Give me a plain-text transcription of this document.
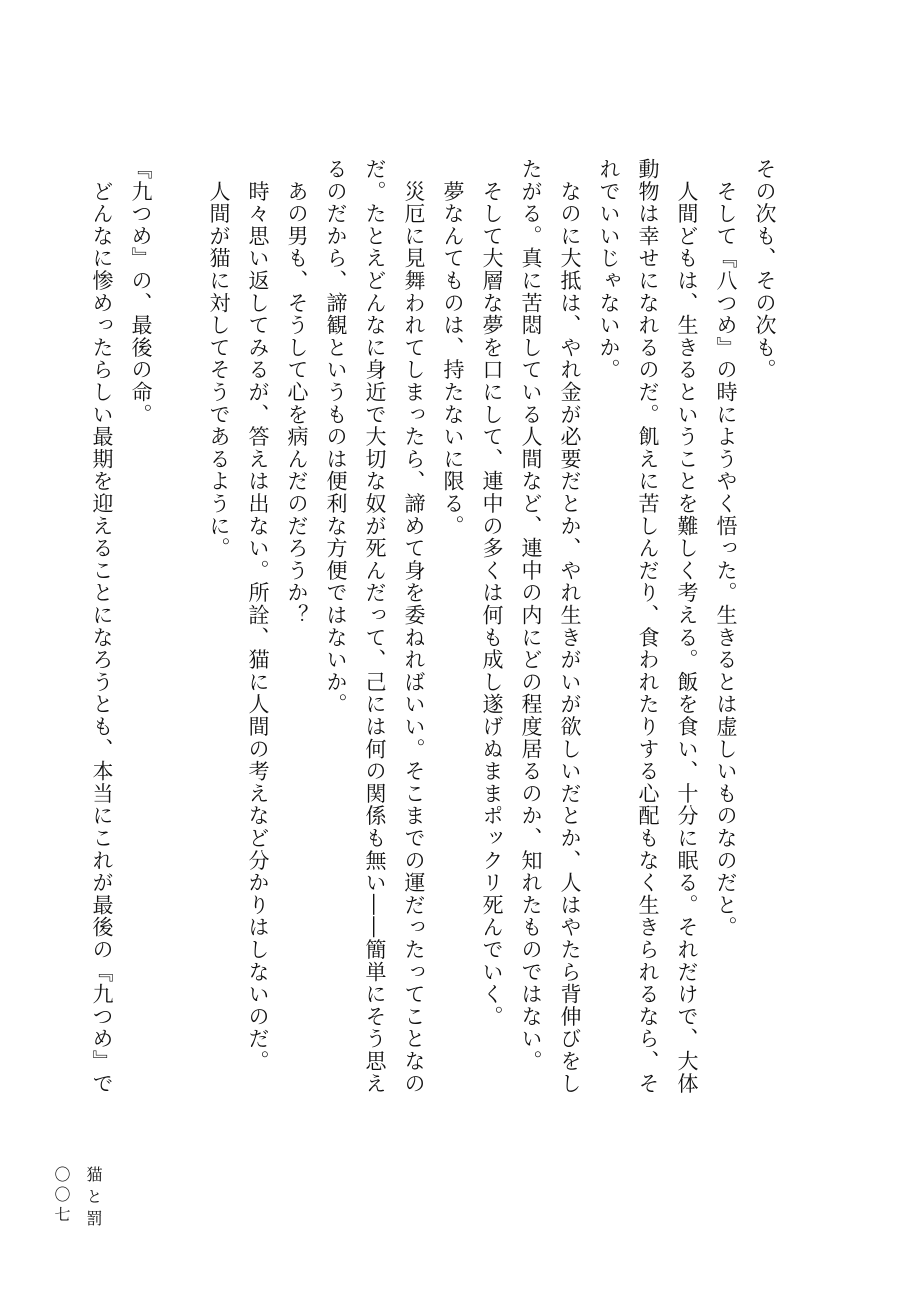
その次も、その次も。
そして『八つめ』の時にようやく悟った。生きるとは虚しいものなのだと。
人間どもは、生きるということを難しく考える。飯を食い、十分に眠る。それだけで、大体
動物は幸せになれるのだ。飢えに苦しんだり、食われたりする心配もなく生きられるなら、そ
れでいいじゃないか。
なのに大抵は、やれ金が必要だとか、やれ生きがいが欲しいだとか、人はやたら背伸びをし
たがる。真に苦悶している人間など、連中の内にどの程度居るのか、知れたものではない。
そして大層な夢を口にして、連中の多くは何も成し遂げぬままポックリ死んでいく。
夢なんてものは、持たないに限る。
災厄に見舞われてしまったら、諦めて身を委ねればいい。そこまでの運だったってことなの
だ。たとえどんなに身近で大切な奴が死んだって、己には何の関係も無い――簡単にそう思え
るのだから、諦観というものは便利な方便ではないか。
あの男も、そうして心を病んだのだろうか？
時々思い返してみるが、答えは出ない。所詮、猫に人間の考えなど分かりはしないのだ。
人間が猫に対してそうであるように。

『九つめ』の、最後の命。
どんなに惨めったらしい最期を迎えることになろうとも、本当にこれが最後の『九つめ』で
〇〇七 猫と罰
